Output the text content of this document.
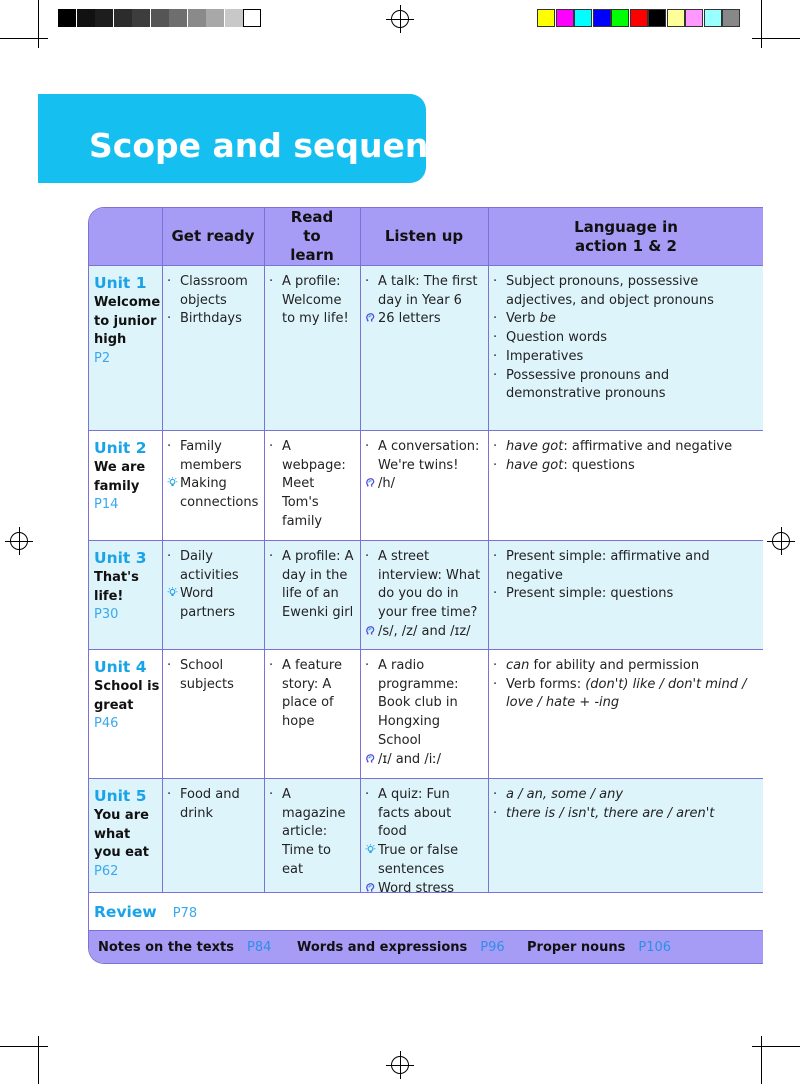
Scope and sequence
Get ready
Read to learn
Listen up
Language in action 1 & 2
Unit 1
Welcome to junior high
P2
·
Classroom objects
·
Birthdays
·
A profile: Welcome to my life!
·
A talk: The first day in Year 6
26 letters
·
Subject pronouns, possessive adjectives, and object pronouns
·
Verb be
·
Question words
·
Imperatives
·
Possessive pronouns and demonstrative pronouns
Unit 2
We are family
P14
·
Family members
Making connections
·
A webpage: Meet Tom's family
·
A conversation: We're twins!
/h/
·
have got: affirmative and negative
·
have got: questions
Unit 3
That's life!
P30
·
Daily activities
Word partners
·
A profile: A day in the life of an Ewenki girl
·
A street interview: What do you do in your free time?
/s/, /z/ and /ɪz/
·
Present simple: affirmative and negative
·
Present simple: questions
Unit 4
School is great
P46
·
School subjects
·
A feature story: A place of hope
·
A radio programme: Book club in Hongxing School
/ɪ/ and /iː/
·
can for ability and permission
·
Verb forms: (don't) like / don't mind / love / hate + -ing
Unit 5
You are what you eat
P62
·
Food and drink
·
A magazine article: Time to eat
·
A quiz: Fun facts about food
True or false sentences
Word stress
·
a / an, some / any
·
there is / isn't, there are / aren't
Review P78
Notes on the texts P84 Words and expressions P96 Proper nouns P106
